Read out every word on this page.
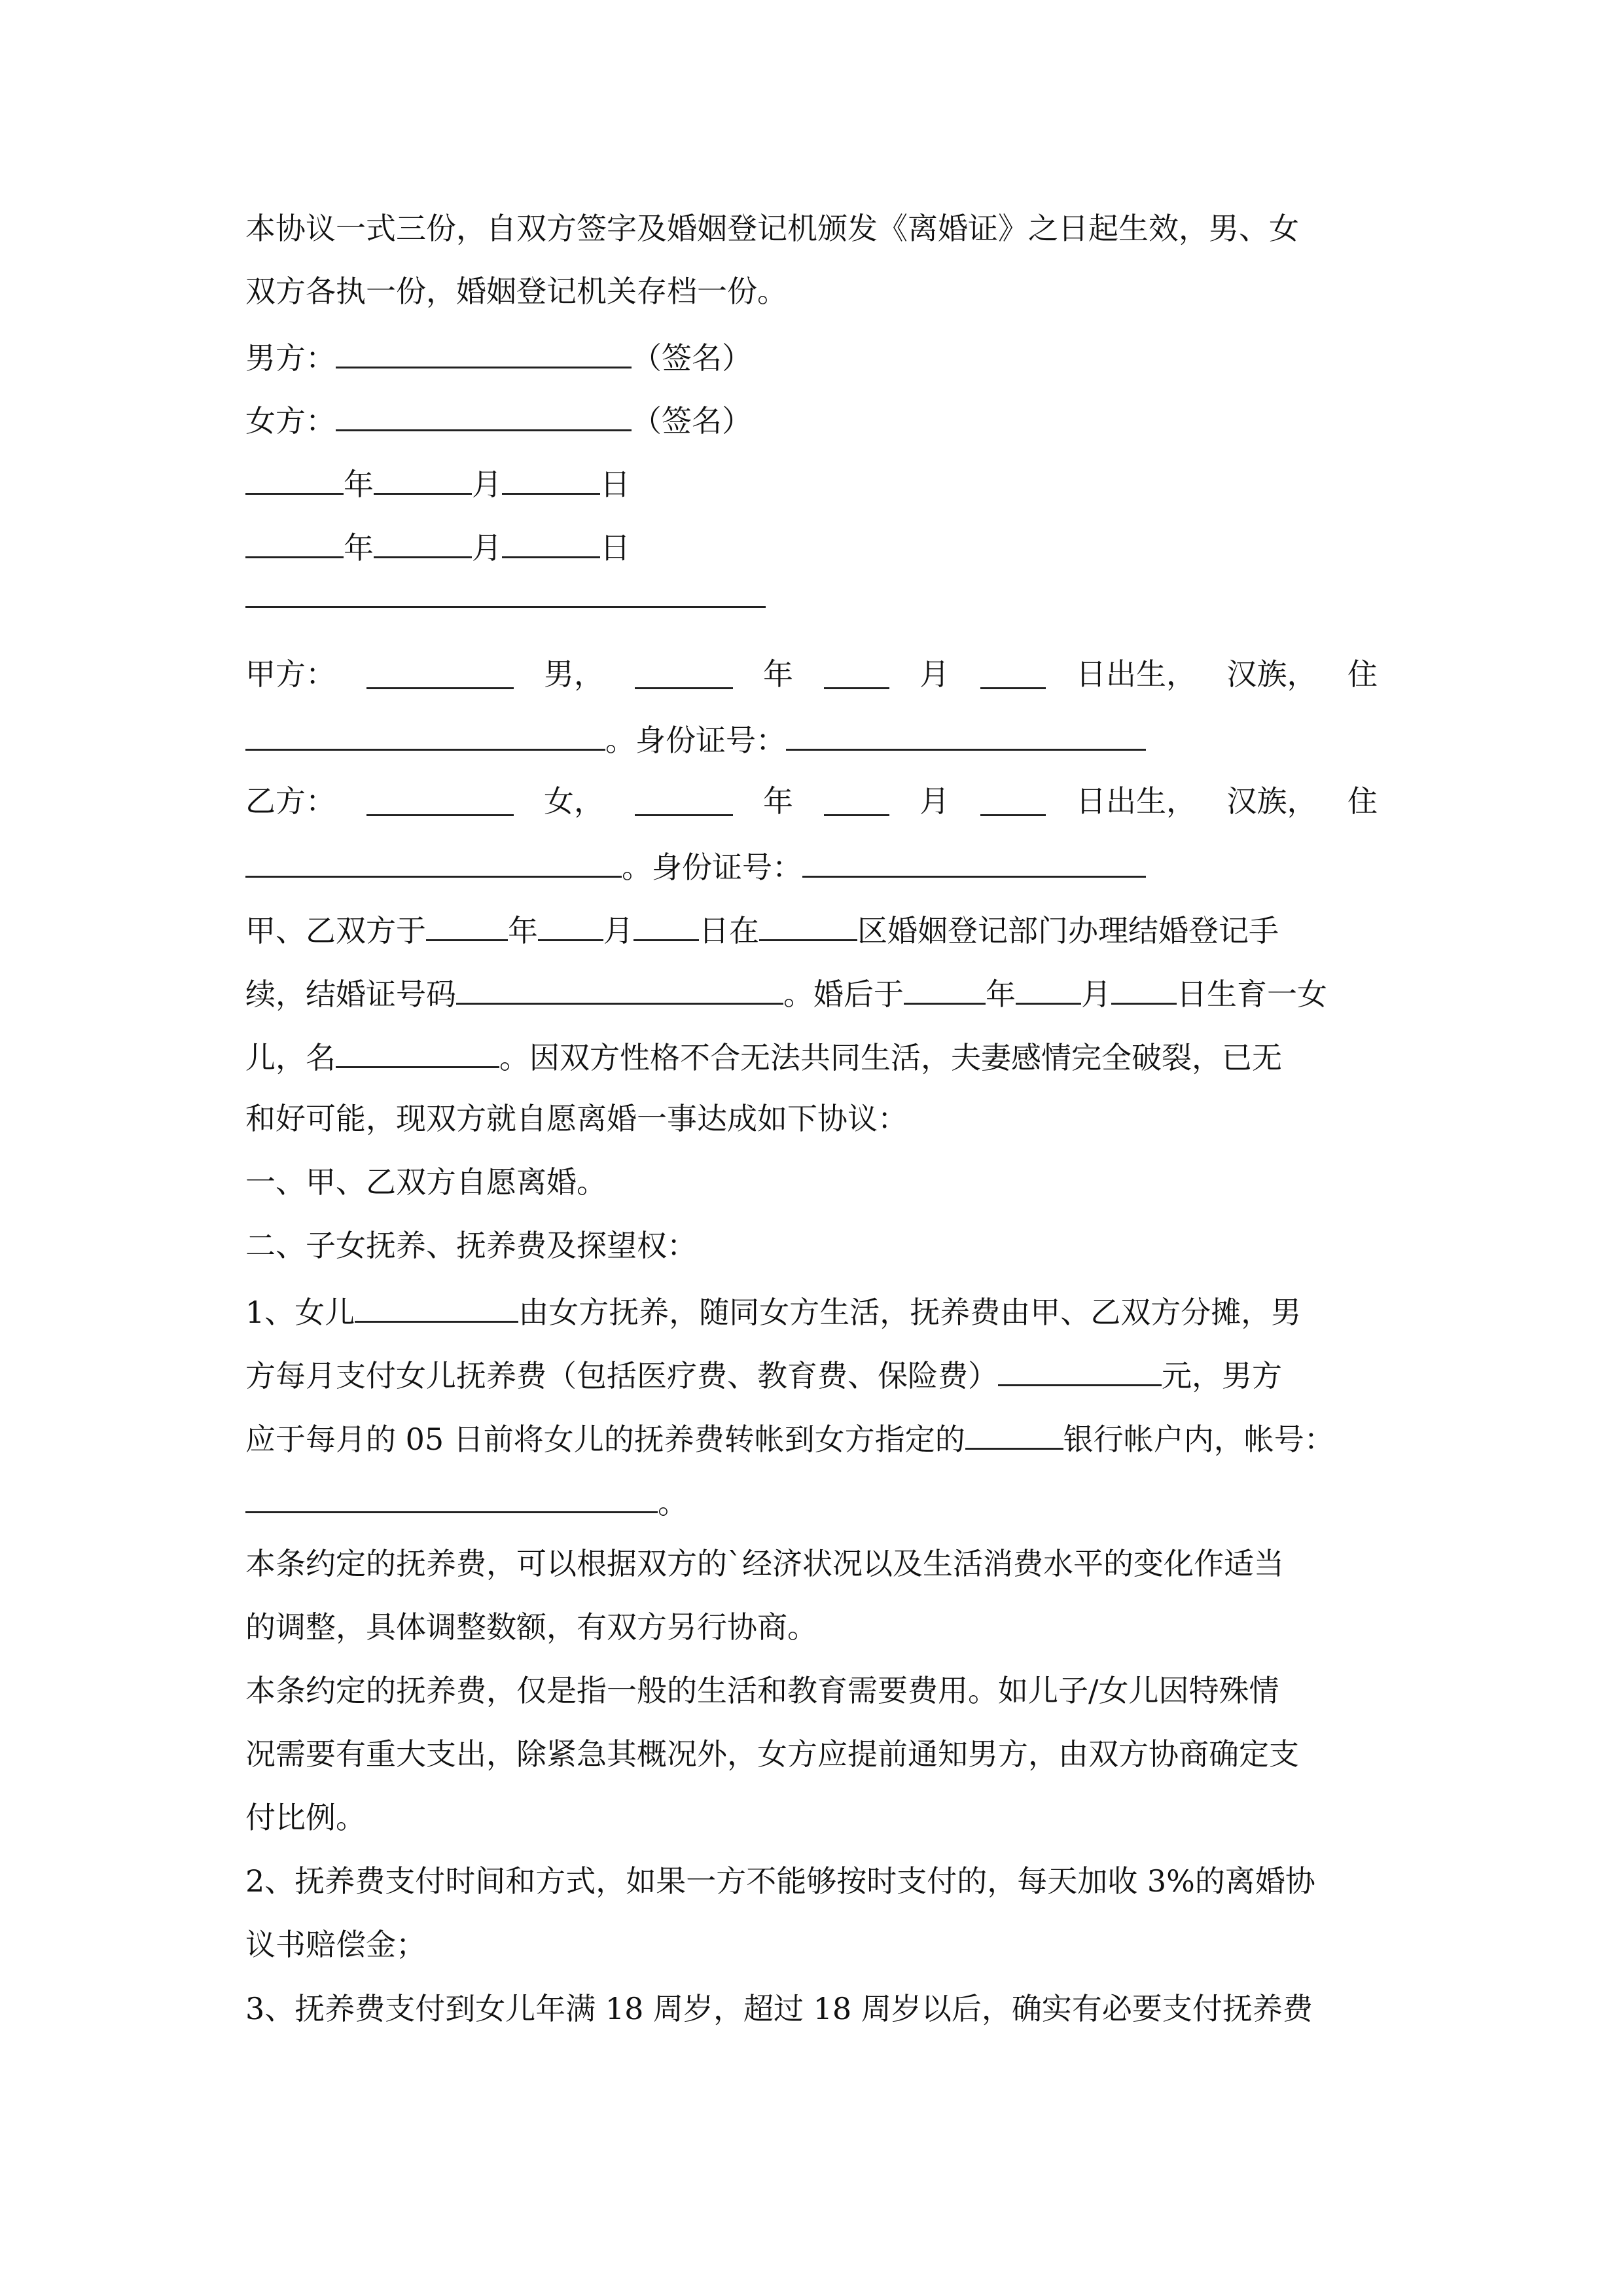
本协议一式三份，自双方签字及婚姻登记机颁发《离婚证》之日起生效，男、女
双方各执一份，婚姻登记机关存档一份。
男方：	（签名）
女方：	（签名）
年	月	日
年	月	日
甲方：	男，	年	月	日出生， 汉族， 住
。身份证号：
乙方：	女，	年	月	日出生， 汉族， 住
。身份证号：
甲、乙双方于	年 月 日在	区婚姻登记部门办理结婚登记手
续，结婚证号码	。婚后于	年 月 日生育一女
儿，名	。因双方性格不合无法共同生活，夫妻感情完全破裂，已无
和好可能，现双方就自愿离婚一事达成如下协议：
一、甲、乙双方自愿离婚。
二、子女抚养、抚养费及探望权：
1、女儿	由女方抚养，随同女方生活，抚养费由甲、乙双方分摊，男
方每月支付女儿抚养费（包括医疗费、教育费、保险费）	元，男方
应于每月的 05 日前将女儿的抚养费转帐到女方指定的	银行帐户内，帐号：
。
本条约定的抚养费，可以根据双方的`经济状况以及生活消费水平的变化作适当
的调整，具体调整数额，有双方另行协商。
本条约定的抚养费，仅是指一般的生活和教育需要费用。如儿子/女儿因特殊情
况需要有重大支出，除紧急其概况外，女方应提前通知男方，由双方协商确定支
付比例。
2、抚养费支付时间和方式，如果一方不能够按时支付的，每天加收 3%的离婚协
议书赔偿金；
3、抚养费支付到女儿年满 18 周岁，超过 18 周岁以后，确实有必要支付抚养费
